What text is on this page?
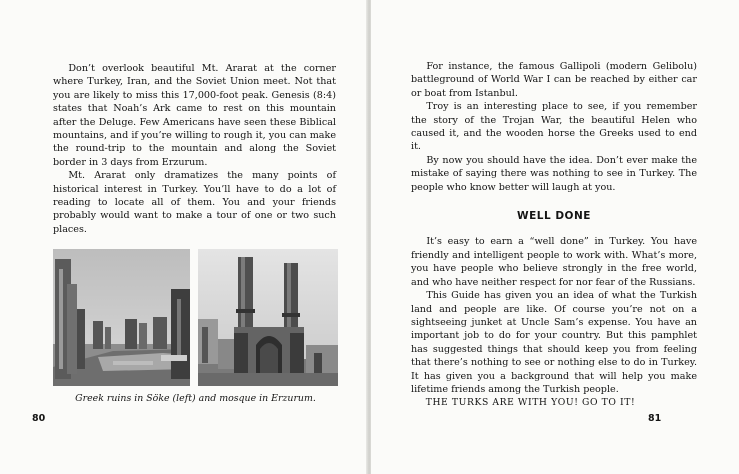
Don’t overlook beautiful Mt. Ararat at the corner where Turkey, Iran, and the Soviet Union meet. Not that you are likely to miss this 17,000-foot peak. Genesis (8:4) states that Noah’s Ark came to rest on this mountain after the Deluge. Few Americans have seen these Biblical mountains, and if you’re willing to rough it, you can make the round-trip to the mountain and along the Soviet border in 3 days from Erzurum.

Mt. Ararat only dramatizes the many points of historical interest in Turkey. You’ll have to do a lot of reading to locate all of them. You and your friends probably would want to make a tour of one or two such places.

Greek ruins in Söke (left) and mosque in Erzurum.
80

For instance, the famous Gallipoli (modern Gelibolu) battleground of World War I can be reached by either car or boat from Istanbul.

Troy is an interesting place to see, if you remember the story of the Trojan War, the beautiful Helen who caused it, and the wooden horse the Greeks used to end it.

By now you should have the idea. Don’t ever make the mistake of saying there was nothing to see in Turkey. The people who know better will laugh at you.

WELL DONE

It’s easy to earn a “well done” in Turkey. You have friendly and intelligent people to work with. What’s more, you have people who believe strongly in the free world, and who have neither respect for nor fear of the Russians.

This Guide has given you an idea of what the Turkish land and people are like. Of course you’re not on a sightseeing junket at Uncle Sam’s expense. You have an important job to do for your country. But this pamphlet has suggested things that should keep you from feeling that there’s nothing to see or nothing else to do in Turkey. It has given you a background that will help you make lifetime friends among the Turkish people.

THE TURKS ARE WITH YOU! GO TO IT!

81
